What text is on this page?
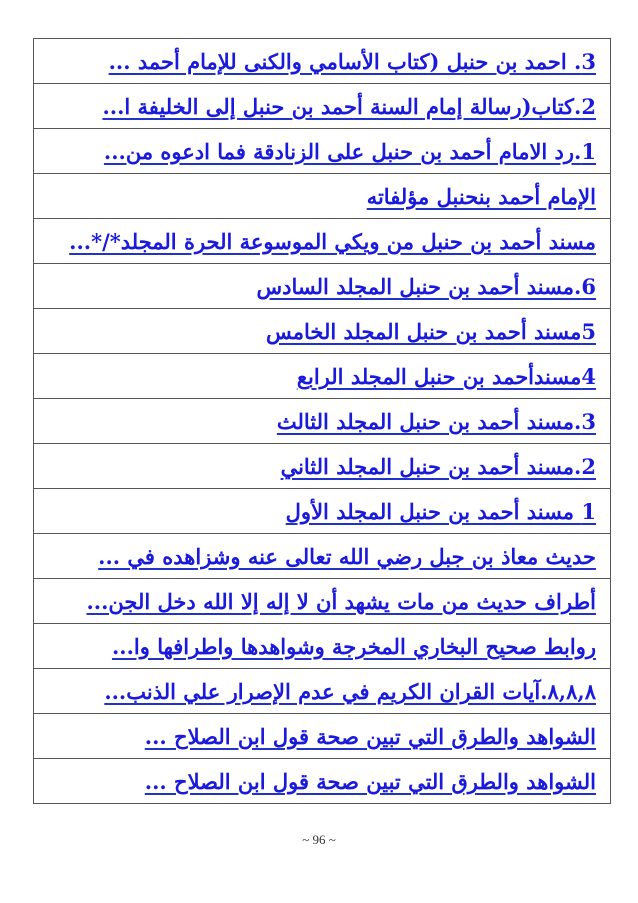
3. احمد بن حنبل (كتاب الأسامي والكنى للإمام أحمد ...
2.كتاب(رسالة إمام السنة أحمد بن حنبل إلى الخليفة ا...
1.رد الامام أحمد بن حنبل على الزنادقة فما ادعوه من...
الإمام أحمد بنحنبل مؤلفاته
مسند أحمد بن حنبل من ويكي الموسوعة الحرة المجلد*/*...
6.مسند أحمد بن حنبل المجلد السادس
5مسند أحمد بن حنبل المجلد الخامس
4مسندأحمد بن حنبل المجلد الرابع
3.مسند أحمد بن حنبل المجلد الثالث
2.مسند أحمد بن حنبل المجلد الثاني
1 مسند أحمد بن حنبل المجلد الأول
حديث معاذ بن جبل رضي الله تعالى عنه وشزاهده في ...
أطراف حديث من مات يشهد أن لا إله إلا الله دخل الجن...
روابط صحيح البخاري المخرجة وشواهدها واطرافها وا...
٨,٨,٨.آيات القران الكريم في عدم الإصرار علي الذنب...
الشواهد والطرق التي تبين صحة قول ابن الصلاح ...
الشواهد والطرق التي تبين صحة قول ابن الصلاح ...
~ 96 ~
